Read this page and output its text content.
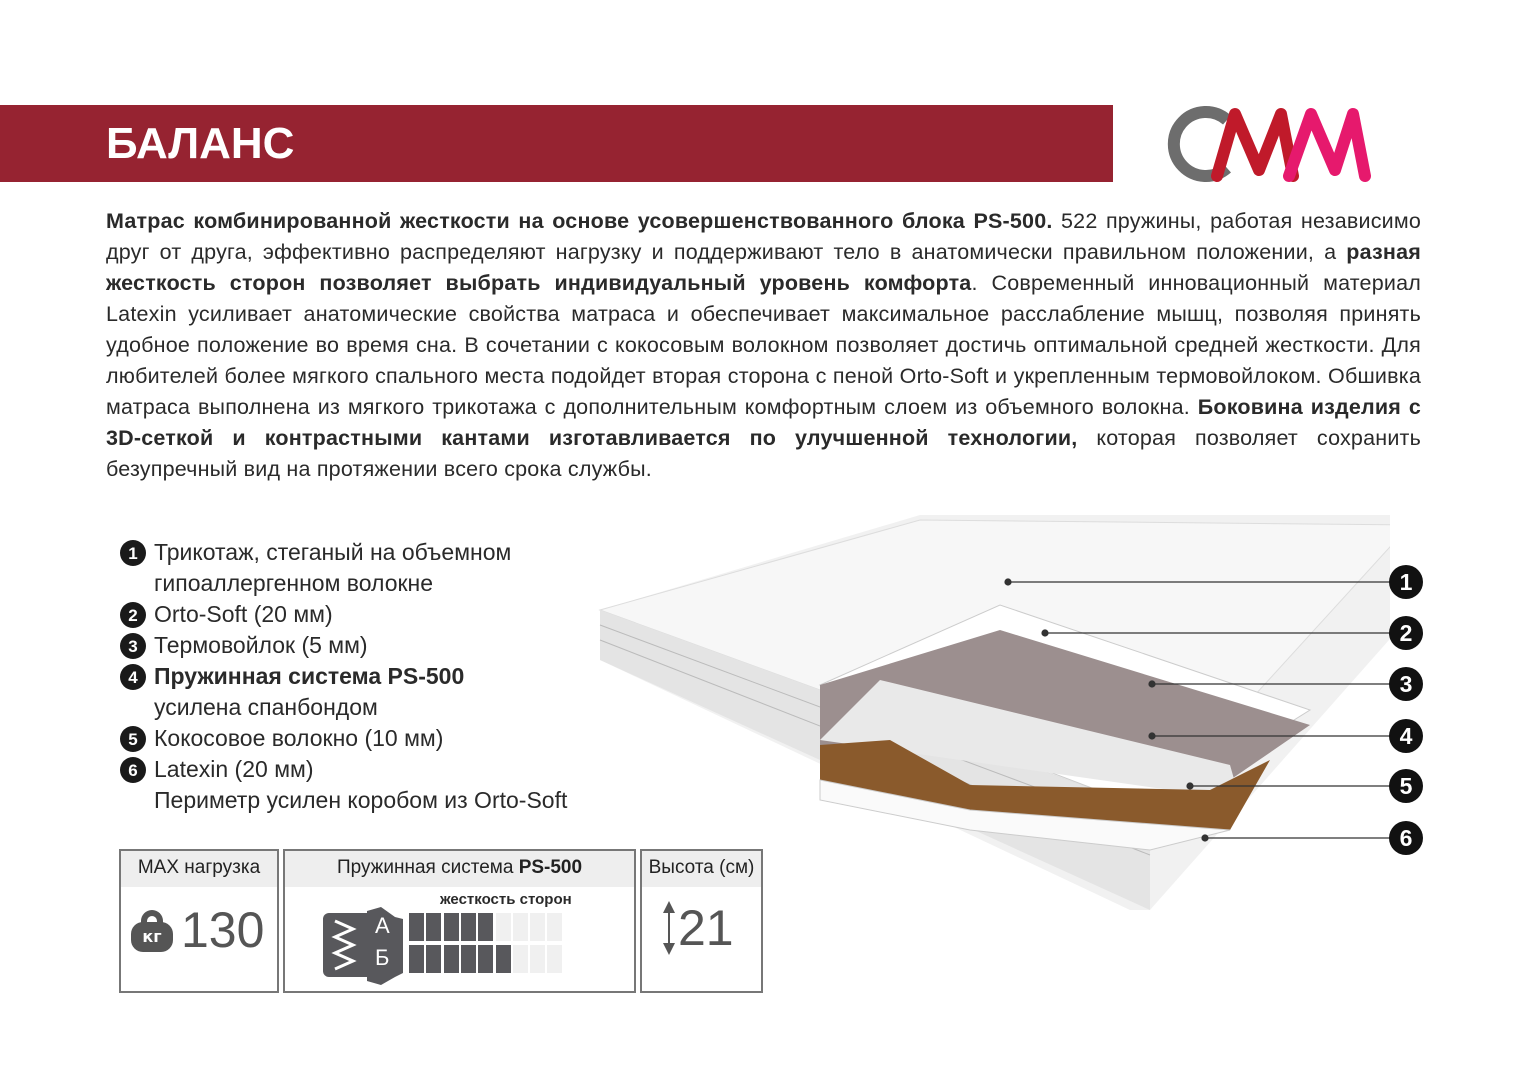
БАЛАНС
Матрас комбинированной жесткости на основе усовершенствованного блока PS-500. 522 пружины, работая независимо друг от друга, эффективно распределяют нагрузку и поддерживают тело в анатомически правильном положении, а разная жесткость сторон позволяет выбрать индивидуальный уровень комфорта. Современный инновационный материал Latexin усиливает анатомические свойства матраса и обеспечивает максимальное расслабление мышц, позволяя принять удобное положение во время сна. В сочетании с кокосовым волокном позволяет достичь оптимальной средней жесткости. Для любителей более мягкого спального места подойдет вторая сторона с пеной Orto-Soft и укрепленным термовойлоком. Обшивка матраса выполнена из мягкого трикотажа с дополнительным комфортным слоем из объемного волокна. Боковина изделия с 3D-сеткой и контрастными кантами изготавливается по улучшенной технологии, которая позволяет сохранить безупречный вид на протяжении всего срока службы.
1 Трикотаж, стеганый на объемном
гипоаллергенном волокне
2 Orto-Soft (20 мм)
3 Термовойлок (5 мм)
4 Пружинная система PS-500
усилена спанбондом
5 Кокосовое волокно (10 мм)
6 Latexin (20 мм)
Периметр усилен коробом из Orto-Soft
1
2
3
4
5
6
MAX нагрузка
кг 130
Пружинная система PS-500
жесткость сторон
А
Б
Высота (см)
21
